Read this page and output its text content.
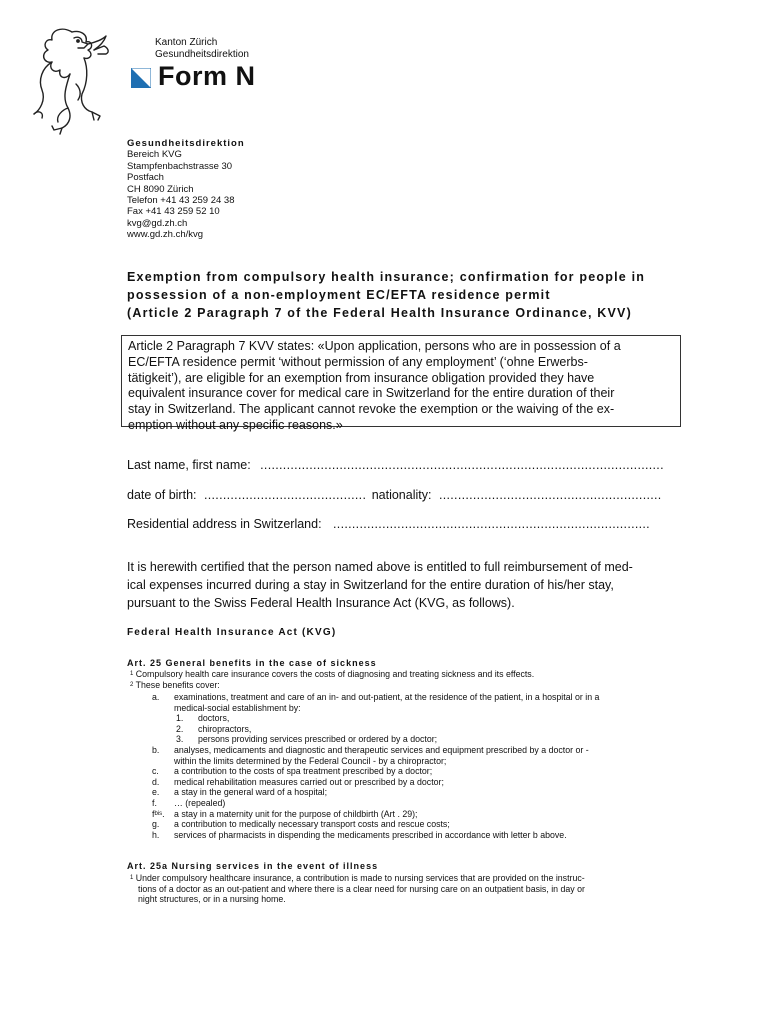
Kanton Zürich
Gesundheitsdirektion
Form N
Gesundheitsdirektion
Bereich KVG
Stampfenbachstrasse 30
Postfach
CH 8090 Zürich
Telefon +41 43 259 24 38
Fax +41 43 259 52 10
kvg@gd.zh.ch
www.gd.zh.ch/kvg
Exemption from compulsory health insurance; confirmation for people in
possession of a non-employment EC/EFTA residence permit
(Article 2 Paragraph 7 of the Federal Health Insurance Ordinance, KVV)
Article 2 Paragraph 7 KVV states: «Upon application, persons who are in possession of a
EC/EFTA residence permit ‘without permission of any employment’ (‘ohne Erwerbs-
tätigkeit’), are eligible for an exemption from insurance obligation provided they have
equivalent insurance cover for medical care in Switzerland for the entire duration of their
stay in Switzerland. The applicant cannot revoke the exemption or the waiving of the ex-
emption without any specific reasons.»
Last name, first name: ...........................................................................................................
date of birth: ........................................... nationality: ...........................................................
Residential address in Switzerland: ....................................................................................
It is herewith certified that the person named above is entitled to full reimbursement of med-
ical expenses incurred during a stay in Switzerland for the entire duration of his/her stay,
pursuant to the Swiss Federal Health Insurance Act (KVG, as follows).
Federal Health Insurance Act (KVG)
Art. 25 General benefits in the case of sickness
$^1$ Compulsory health care insurance covers the costs of diagnosing and treating sickness and its effects.
$^2$ These benefits cover:
a. examinations, treatment and care of an in- and out-patient, at the residence of the patient, in a hospital or in a
medical-social establishment by:
1. doctors,
2. chiropractors,
3. persons providing services prescribed or ordered by a doctor;
b. analyses, medicaments and diagnostic and therapeutic services and equipment prescribed by a doctor or -
within the limits determined by the Federal Council - by a chiropractor;
c. a contribution to the costs of spa treatment prescribed by a doctor;
d. medical rehabilitation measures carried out or prescribed by a doctor;
e. a stay in the general ward of a hospital;
f. … (repealed)
$f^{bis}$. a stay in a maternity unit for the purpose of childbirth (Art . 29);
g. a contribution to medically necessary transport costs and rescue costs;
h. services of pharmacists in dispending the medicaments prescribed in accordance with letter b above.
Art. 25a Nursing services in the event of illness
$^1$ Under compulsory healthcare insurance, a contribution is made to nursing services that are provided on the instruc-
tions of a doctor as an out-patient and where there is a clear need for nursing care on an outpatient basis, in day or
night structures, or in a nursing home.
